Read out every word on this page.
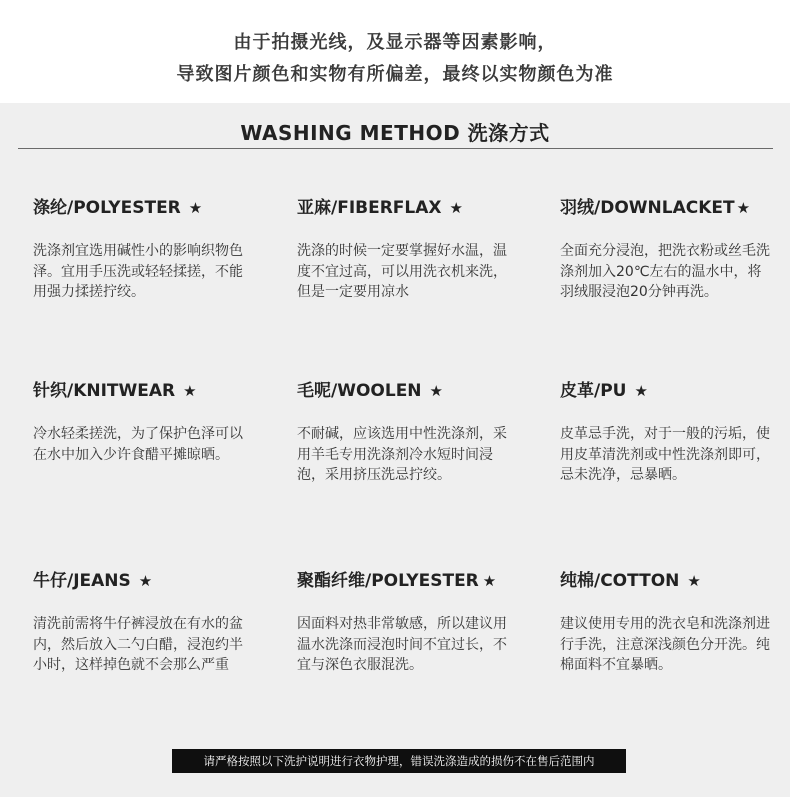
由于拍摄光线，及显示器等因素影响，
导致图片颜色和实物有所偏差，最终以实物颜色为准
WASHING METHOD 洗涤方式
涤纶/POLYESTER ★
洗涤剂宜选用碱性小的影响织物色泽。宜用手压洗或轻轻揉搓，不能用强力揉搓拧绞。
亚麻/FIBERFLAX ★
洗涤的时候一定要掌握好水温，温度不宜过高，可以用洗衣机来洗，但是一定要用凉水
羽绒/DOWNLACKET ★
全面充分浸泡，把洗衣粉或丝毛洗涤剂加入20℃左右的温水中，将羽绒服浸泡20分钟再洗。
针织/KNITWEAR ★
冷水轻柔搓洗，为了保护色泽可以在水中加入少许食醋平摊晾晒。
毛呢/WOOLEN ★
不耐碱，应该选用中性洗涤剂，采用羊毛专用洗涤剂冷水短时间浸泡，采用挤压洗忌拧绞。
皮革/PU ★
皮革忌手洗，对于一般的污垢，使用皮革清洗剂或中性洗涤剂即可，忌未洗净，忌暴晒。
牛仔/JEANS ★
清洗前需将牛仔裤浸放在有水的盆内，然后放入二勺白醋，浸泡约半小时，这样掉色就不会那么严重
聚酯纤维/POLYESTER ★
因面料对热非常敏感，所以建议用温水洗涤而浸泡时间不宜过长，不宜与深色衣服混洗。
纯棉/COTTON ★
建议使用专用的洗衣皂和洗涤剂进行手洗，注意深浅颜色分开洗。纯棉面料不宜暴晒。
请严格按照以下洗护说明进行衣物护理，错误洗涤造成的损伤不在售后范围内
